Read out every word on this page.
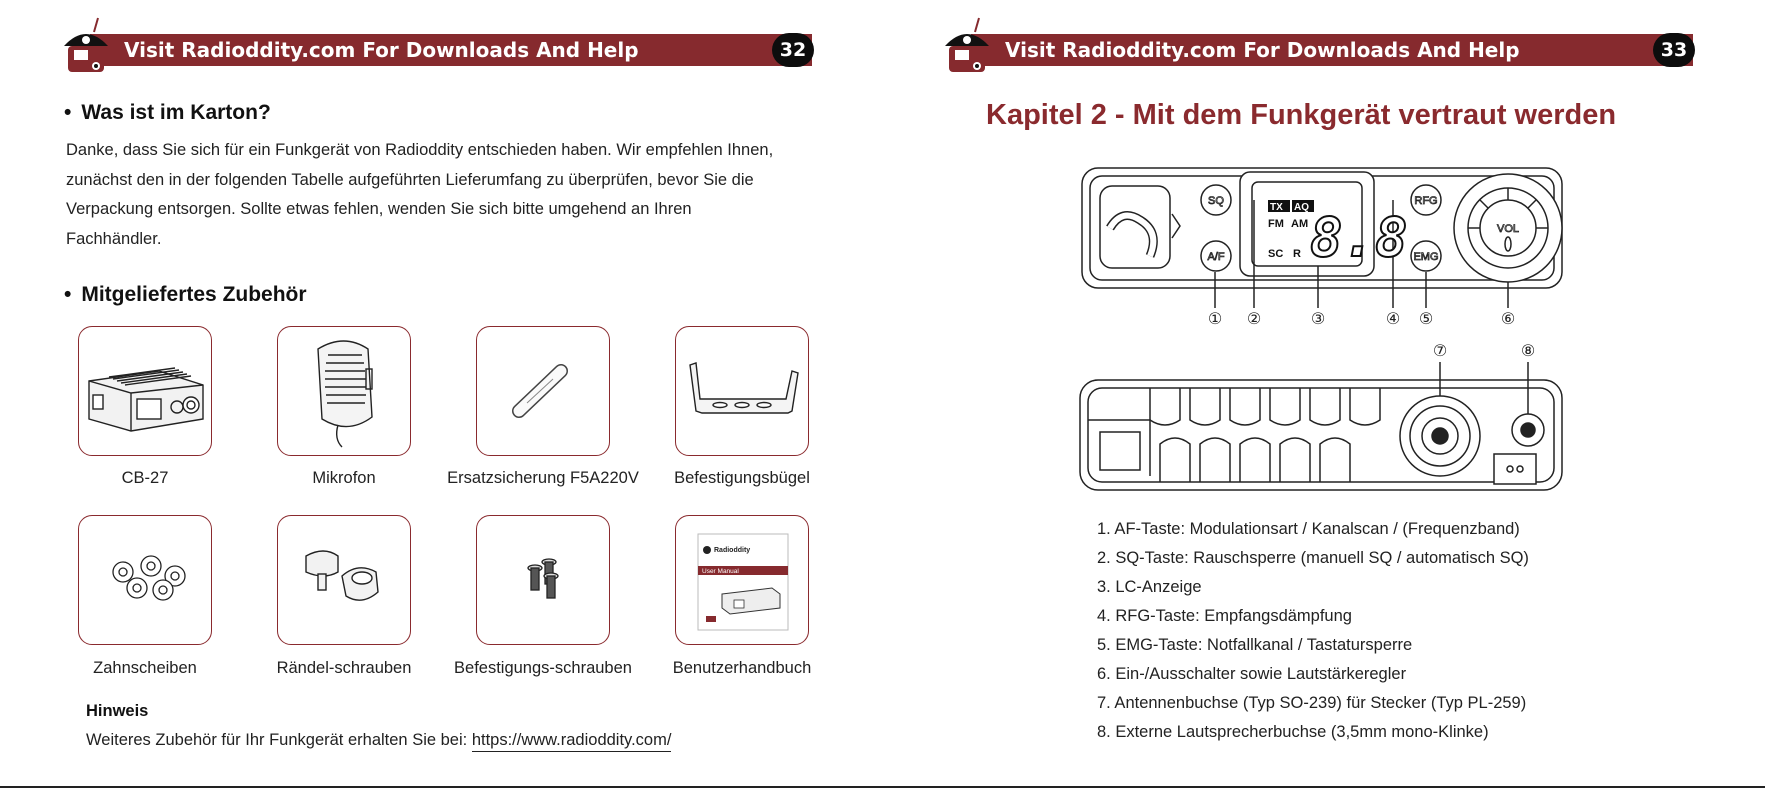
Visit Radioddity.com For Downloads And Help	32
• Was ist im Karton?

Danke, dass Sie sich für ein Funkgerät von Radioddity entschieden haben. Wir empfehlen Ihnen,

zunächst den in der folgenden Tabelle aufgeführten Lieferumfang zu überprüfen, bevor Sie die

Verpackung entsorgen. Sollte etwas fehlen, wenden Sie sich bitte umgehend an Ihren

Fachhändler.

• Mitgeliefertes Zubehör
CB-27	Mikrofon	Ersatzsicherung F5A220V	Befestigungsbügel
Radioddity
User Manual
Zahnscheiben	Rändel-schrauben	Befestigungs-schrauben	Benutzerhandbuch
Hinweis
Weiteres Zubehör für Ihr Funkgerät erhalten Sie bei: https://www.radioddity.com/
Visit Radioddity.com For Downloads And Help	33
Kapitel 2 - Mit dem Funkgerät vertraut werden
TX AQ
FM AM
SC R 8.8
SQ
A/F
RFG
EMG
VOL
① ②	③	④ ⑤	⑥
⑦	⑧
1. AF-Taste: Modulationsart / Kanalscan / (Frequenzband)
2. SQ-Taste: Rauschsperre (manuell SQ / automatisch SQ)
3. LC-Anzeige
4. RFG-Taste: Empfangsdämpfung
5. EMG-Taste: Notfallkanal / Tastatursperre
6. Ein-/Ausschalter sowie Lautstärkeregler
7. Antennenbuchse (Typ SO-239) für Stecker (Typ PL-259)
8. Externe Lautsprecherbuchse (3,5mm mono-Klinke)
